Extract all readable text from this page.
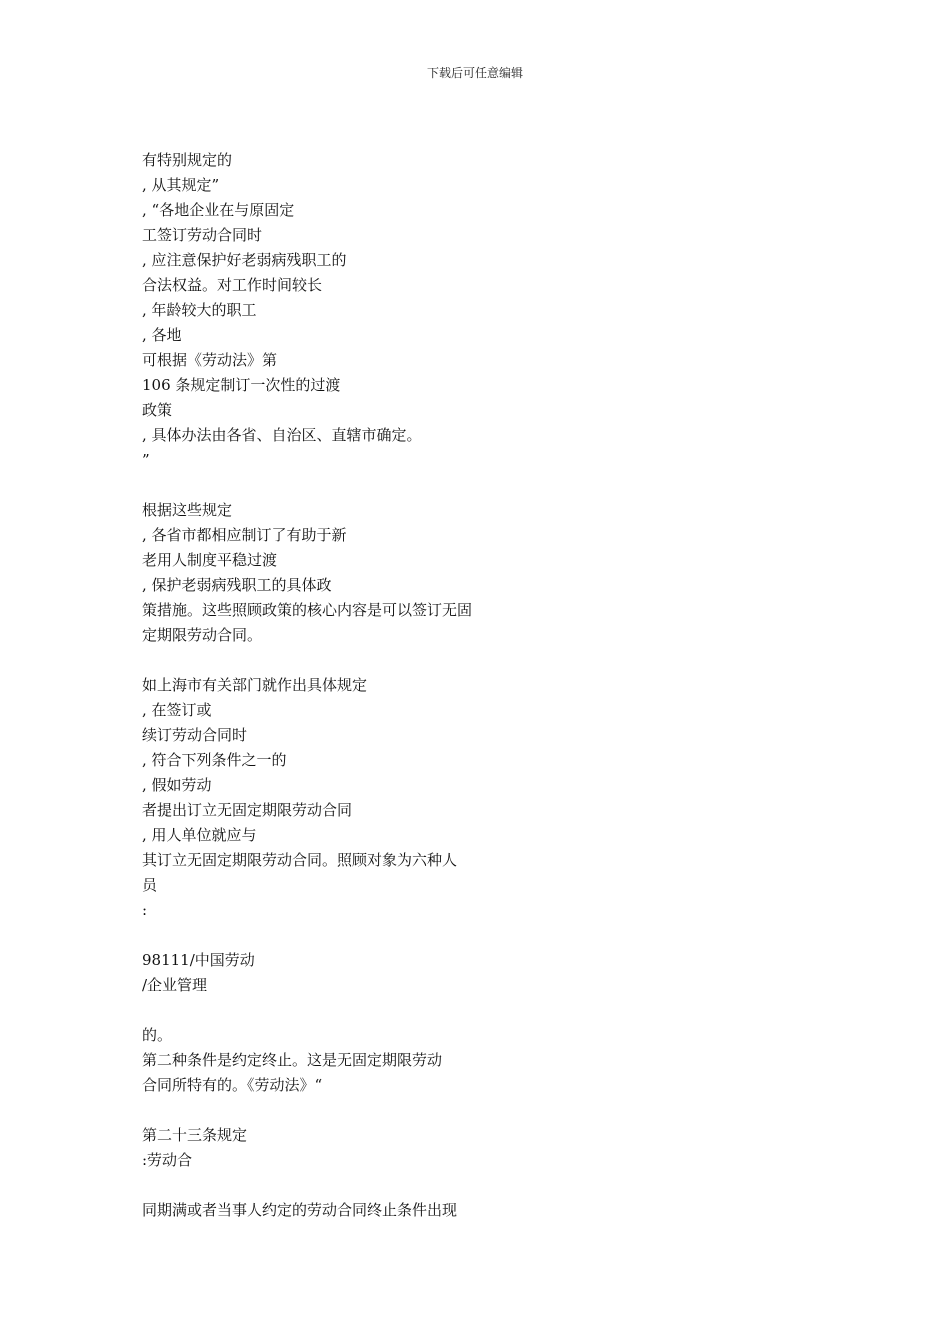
下载后可任意编辑
有特别规定的
, 从其规定”
, “各地企业在与原固定
工签订劳动合同时
, 应注意保护好老弱病残职工的
合法权益。对工作时间较长
, 年龄较大的职工
, 各地
可根据《劳动法》第
106 条规定制订一次性的过渡
政策
, 具体办法由各省、自治区、直辖市确定。
”
根据这些规定
, 各省市都相应制订了有助于新
老用人制度平稳过渡
, 保护老弱病残职工的具体政
策措施。这些照顾政策的核心内容是可以签订无固
定期限劳动合同。
如上海市有关部门就作出具体规定
, 在签订或
续订劳动合同时
, 符合下列条件之一的
, 假如劳动
者提出订立无固定期限劳动合同
, 用人单位就应与
其订立无固定期限劳动合同。照顾对象为六种人
员
:
98111/中国劳动
/企业管理
的。
第二种条件是约定终止。这是无固定期限劳动
合同所特有的。《劳动法》“
第二十三条规定
:劳动合
同期满或者当事人约定的劳动合同终止条件出现
